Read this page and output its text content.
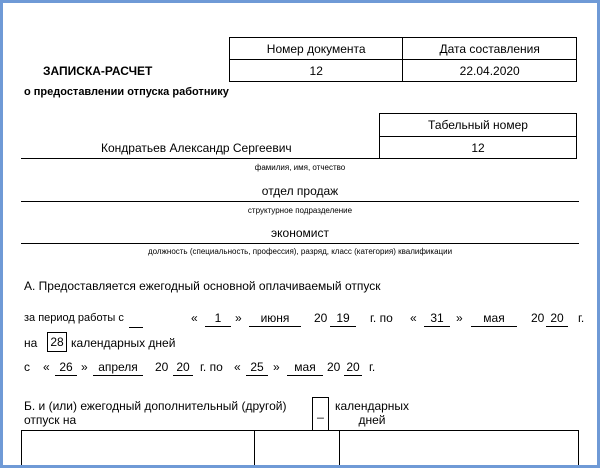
ЗАПИСКА-РАСЧЕТ
о предоставлении отпуска работнику
Номер документа	Дата составления
12	22.04.2020
Табельный номер
12
Кондратьев Александр Сергеевич
фамилия, имя, отчество
отдел продаж
структурное подразделение
экономист
должность (специальность, профессия), разряд, класс (категория) квалификации
А. Предоставляется ежегодный основной оплачиваемый отпуск
за период работы с	«	1	»	июня	20 19	г. по «	31	»	мая	20 20	г.
на 28 календарных дней
с « 26 » апреля	20 20 г. по « 25 »	мая 20 20 г.
Б. и (или) ежегодный дополнительный (другой)
отпуск на
_ календарных
дней
